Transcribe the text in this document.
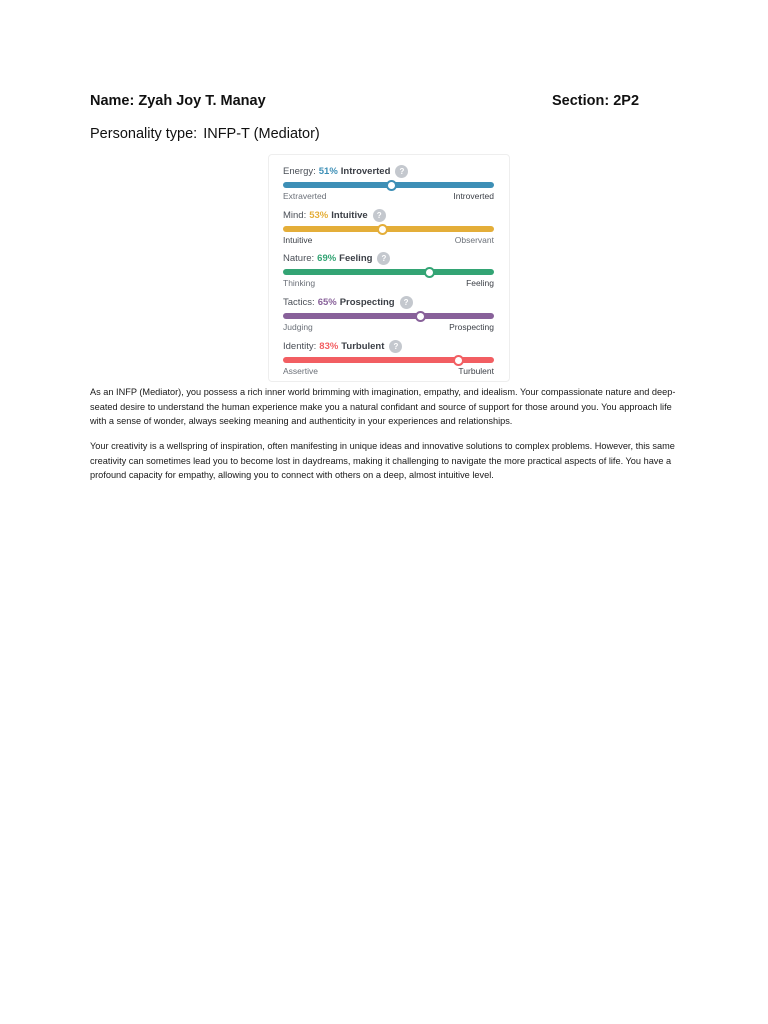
Name: Zyah Joy T. Manay	Section: 2P2
Personality type: INFP-T (Mediator)
Energy: 51% Introverted	?
Extraverted	Introverted
Mind: 53% Intuitive	?
Intuitive	Observant
Nature: 69% Feeling	?
Thinking	Feeling
Tactics: 65% Prospecting	?
Judging	Prospecting
Identity: 83% Turbulent	?
Assertive	Turbulent

As an INFP (Mediator), you possess a rich inner world brimming with imagination, empathy, and idealism. Your compassionate nature and deep-seated desire to understand the human experience make you a natural confidant and source of support for those around you. You approach life with a sense of wonder, always seeking meaning and authenticity in your experiences and relationships.

Your creativity is a wellspring of inspiration, often manifesting in unique ideas and innovative solutions to complex problems. However, this same creativity can sometimes lead you to become lost in daydreams, making it challenging to navigate the more practical aspects of life. You have a profound capacity for empathy, allowing you to connect with others on a deep, almost intuitive level.
